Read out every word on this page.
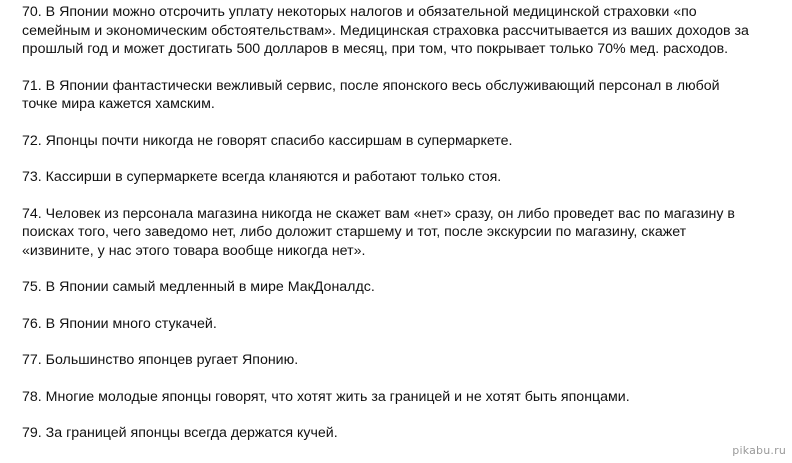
70. В Японии можно отсрочить уплату некоторых налогов и обязательной медицинской страховки «по
семейным и экономическим обстоятельствам». Медицинская страховка рассчитывается из ваших доходов за
прошлый год и может достигать 500 долларов в месяц, при том, что покрывает только 70% мед. расходов.
71. В Японии фантастически вежливый сервис, после японского весь обслуживающий персонал в любой
точке мира кажется хамским.
72. Японцы почти никогда не говорят спасибо кассиршам в супермаркете.
73. Кассирши в супермаркете всегда кланяются и работают только стоя.
74. Человек из персонала магазина никогда не скажет вам «нет» сразу, он либо проведет вас по магазину в
поисках того, чего заведомо нет, либо доложит старшему и тот, после экскурсии по магазину, скажет
«извините, у нас этого товара вообще никогда нет».
75. В Японии самый медленный в мире МакДоналдс.
76. В Японии много стукачей.
77. Большинство японцев ругает Японию.
78. Многие молодые японцы говорят, что хотят жить за границей и не хотят быть японцами.
79. За границей японцы всегда держатся кучей.
pikabu.ru
